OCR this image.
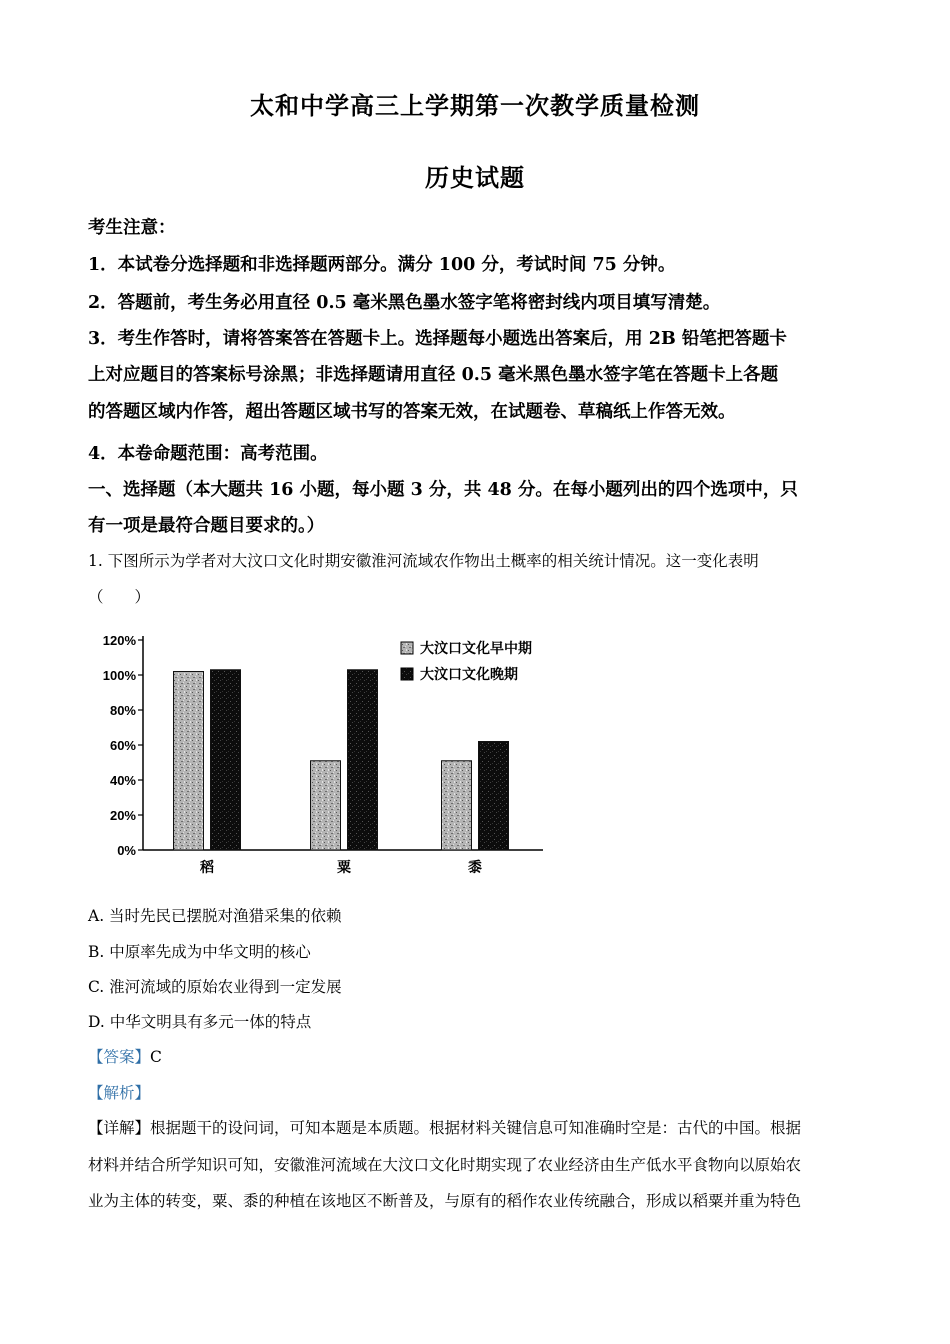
太和中学高三上学期第一次教学质量检测
历史试题
考生注意：
1．本试卷分选择题和非选择题两部分。满分 100 分，考试时间 75 分钟。
2．答题前，考生务必用直径 0.5 毫米黑色墨水签字笔将密封线内项目填写清楚。
3．考生作答时，请将答案答在答题卡上。选择题每小题选出答案后，用 2B 铅笔把答题卡
上对应题目的答案标号涂黑；非选择题请用直径 0.5 毫米黑色墨水签字笔在答题卡上各题
的答题区域内作答，超出答题区域书写的答案无效，在试题卷、草稿纸上作答无效。
4．本卷命题范围：高考范围。
一、选择题（本大题共 16 小题，每小题 3 分，共 48 分。在每小题列出的四个选项中，只
有一项是最符合题目要求的。）
1. 下图所示为学者对大汶口文化时期安徽淮河流域农作物出土概率的相关统计情况。这一变化表明
（　　）
0%
20%
40%
60%
80%
100%
120%
稻	粟	黍
大汶口文化早中期
大汶口文化晚期
A. 当时先民已摆脱对渔猎采集的依赖
B. 中原率先成为中华文明的核心
C. 淮河流域的原始农业得到一定发展
D. 中华文明具有多元一体的特点
【答案】C
【解析】
【详解】根据题干的设问词，可知本题是本质题。根据材料关键信息可知准确时空是：古代的中国。根据
材料并结合所学知识可知，安徽淮河流域在大汶口文化时期实现了农业经济由生产低水平食物向以原始农
业为主体的转变，粟、黍的种植在该地区不断普及，与原有的稻作农业传统融合，形成以稻粟并重为特色
